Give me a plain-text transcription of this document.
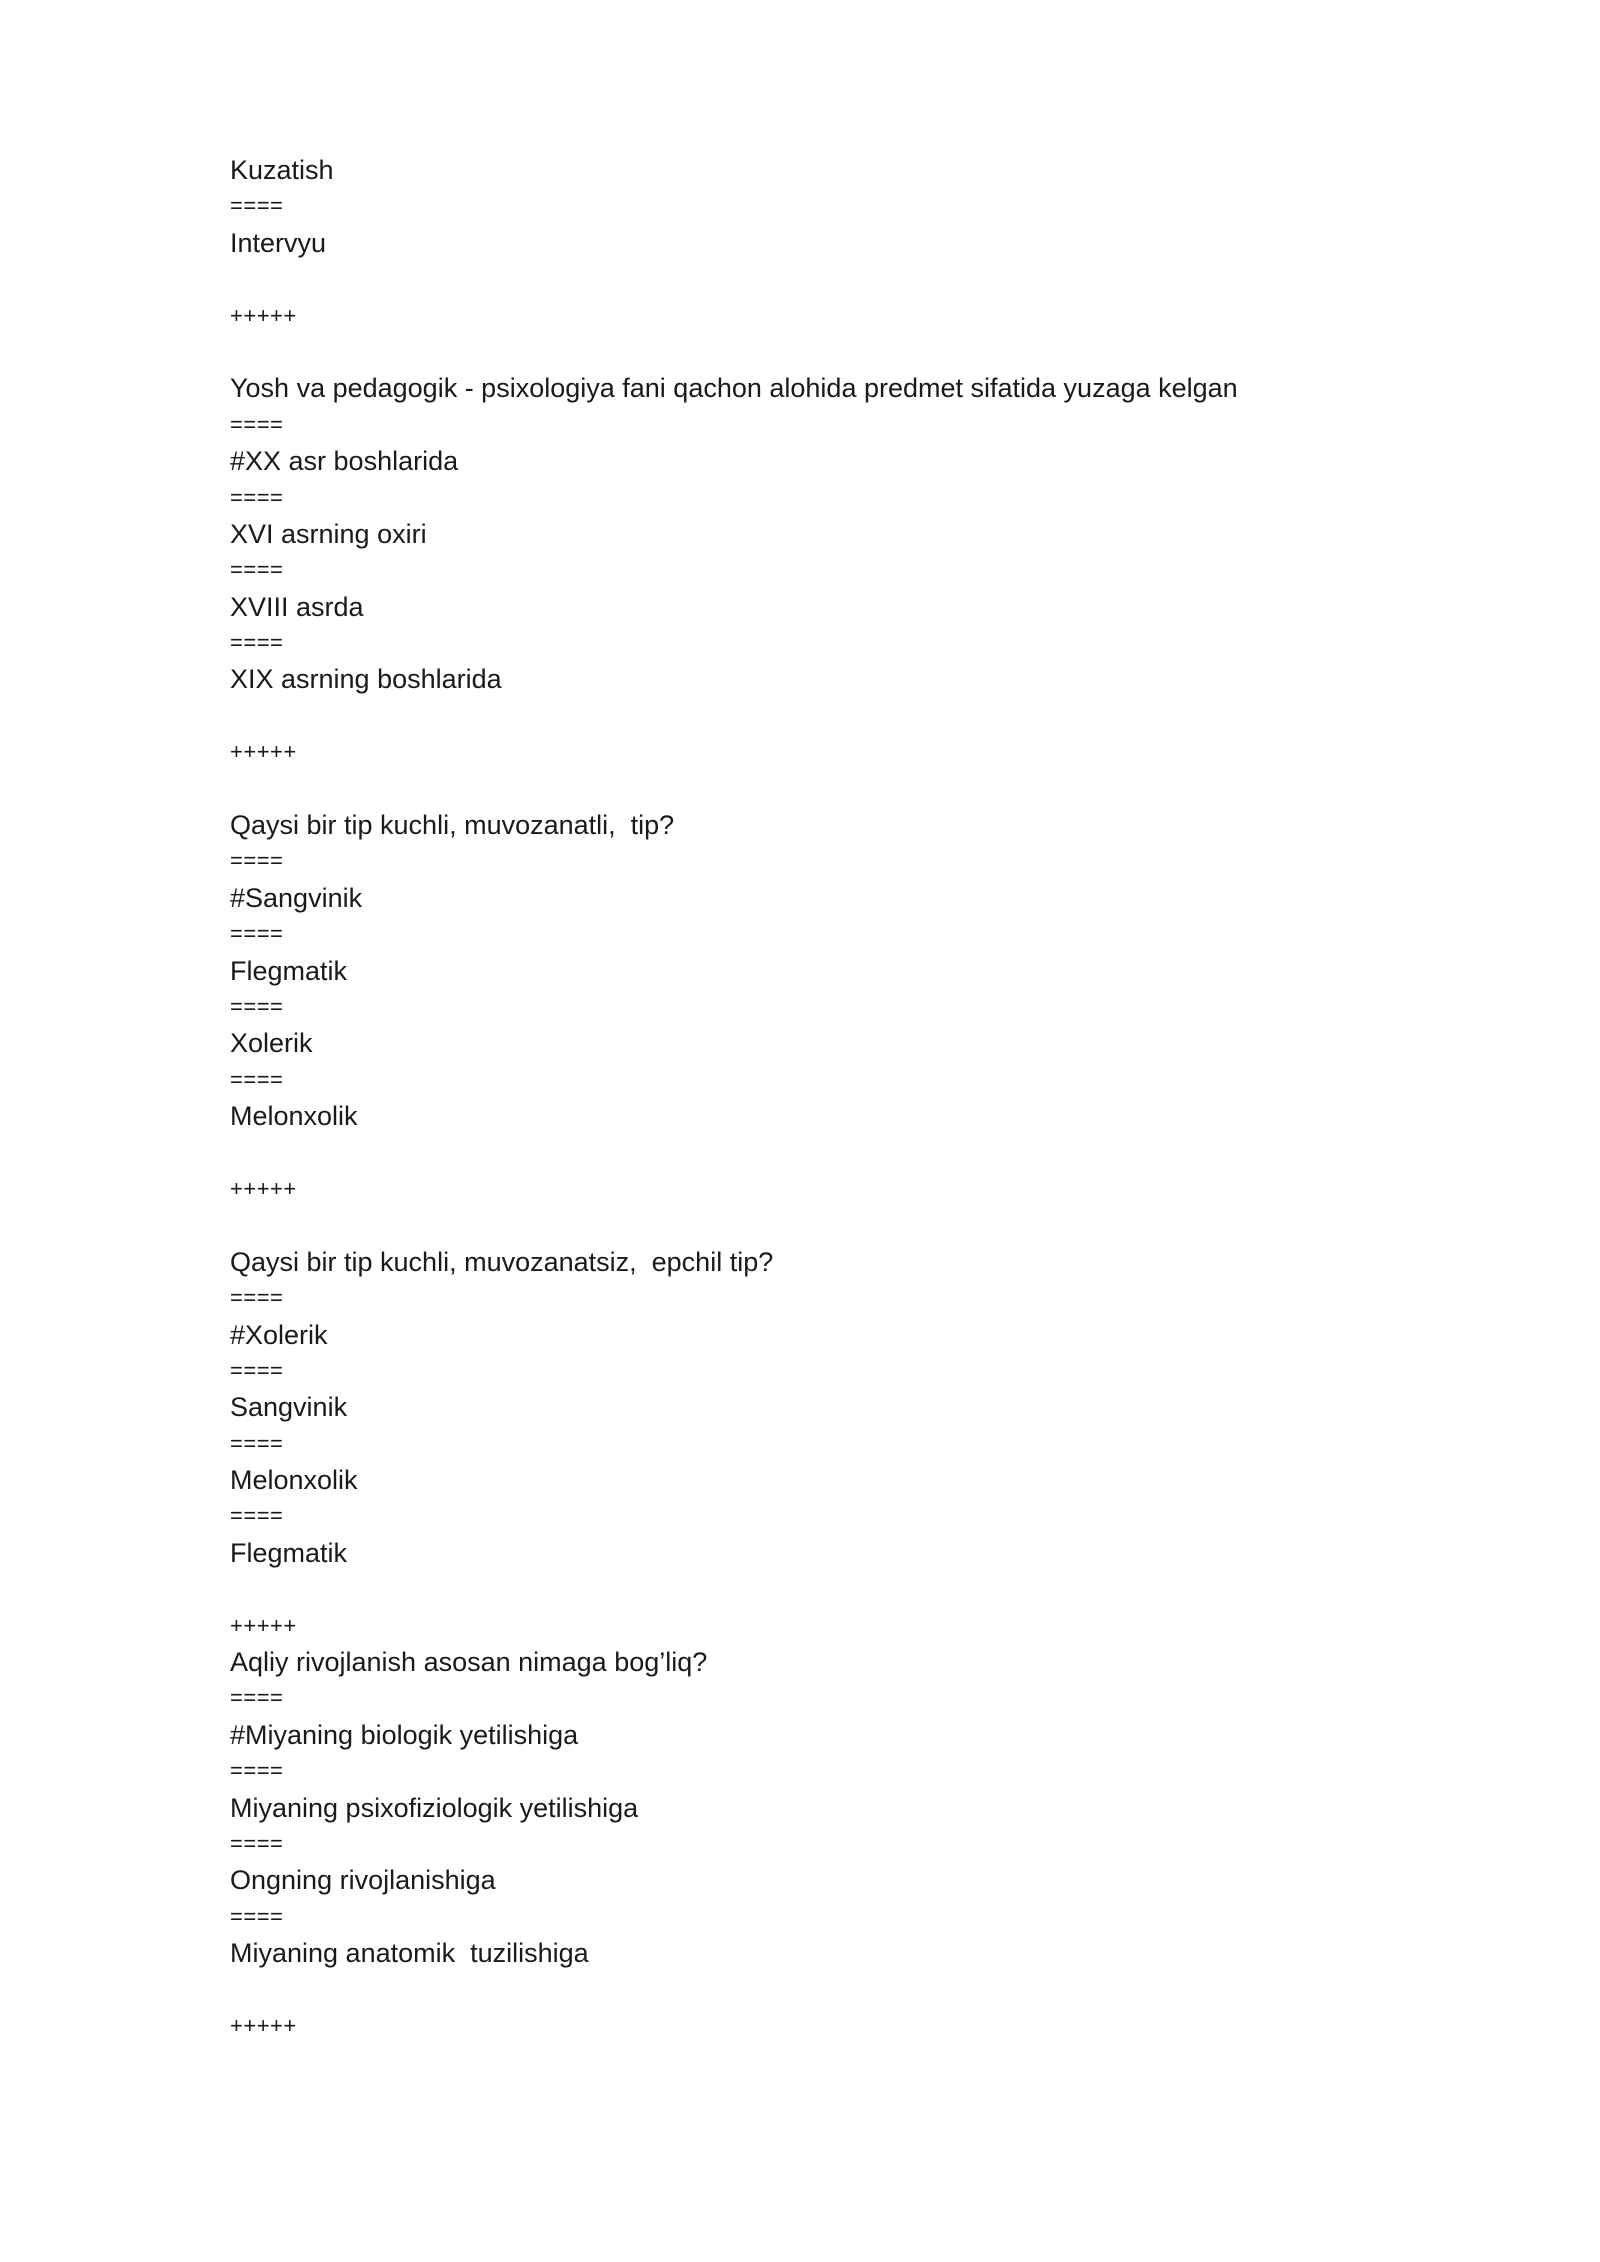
Kuzatish
====
Intervyu
+++++
Yosh va pedagogik - psixologiya fani qachon alohida predmet sifatida yuzaga kelgan
====
#XX asr boshlarida
====
XVI asrning oxiri
====
XVIII asrda
====
XIX asrning boshlarida
+++++
Qaysi bir tip kuchli, muvozanatli,  tip?
====
#Sangvinik
====
Flegmatik
====
Xolerik
====
Melonxolik
+++++
Qaysi bir tip kuchli, muvozanatsiz,  epchil tip?
====
#Xolerik
====
Sangvinik
====
Melonxolik
====
Flegmatik
+++++
Aqliy rivojlanish asosan nimaga bog’liq?
====
#Miyaning biologik yetilishiga
====
Miyaning psixofiziologik yetilishiga
====
Ongning rivojlanishiga
====
Miyaning anatomik  tuzilishiga
+++++
